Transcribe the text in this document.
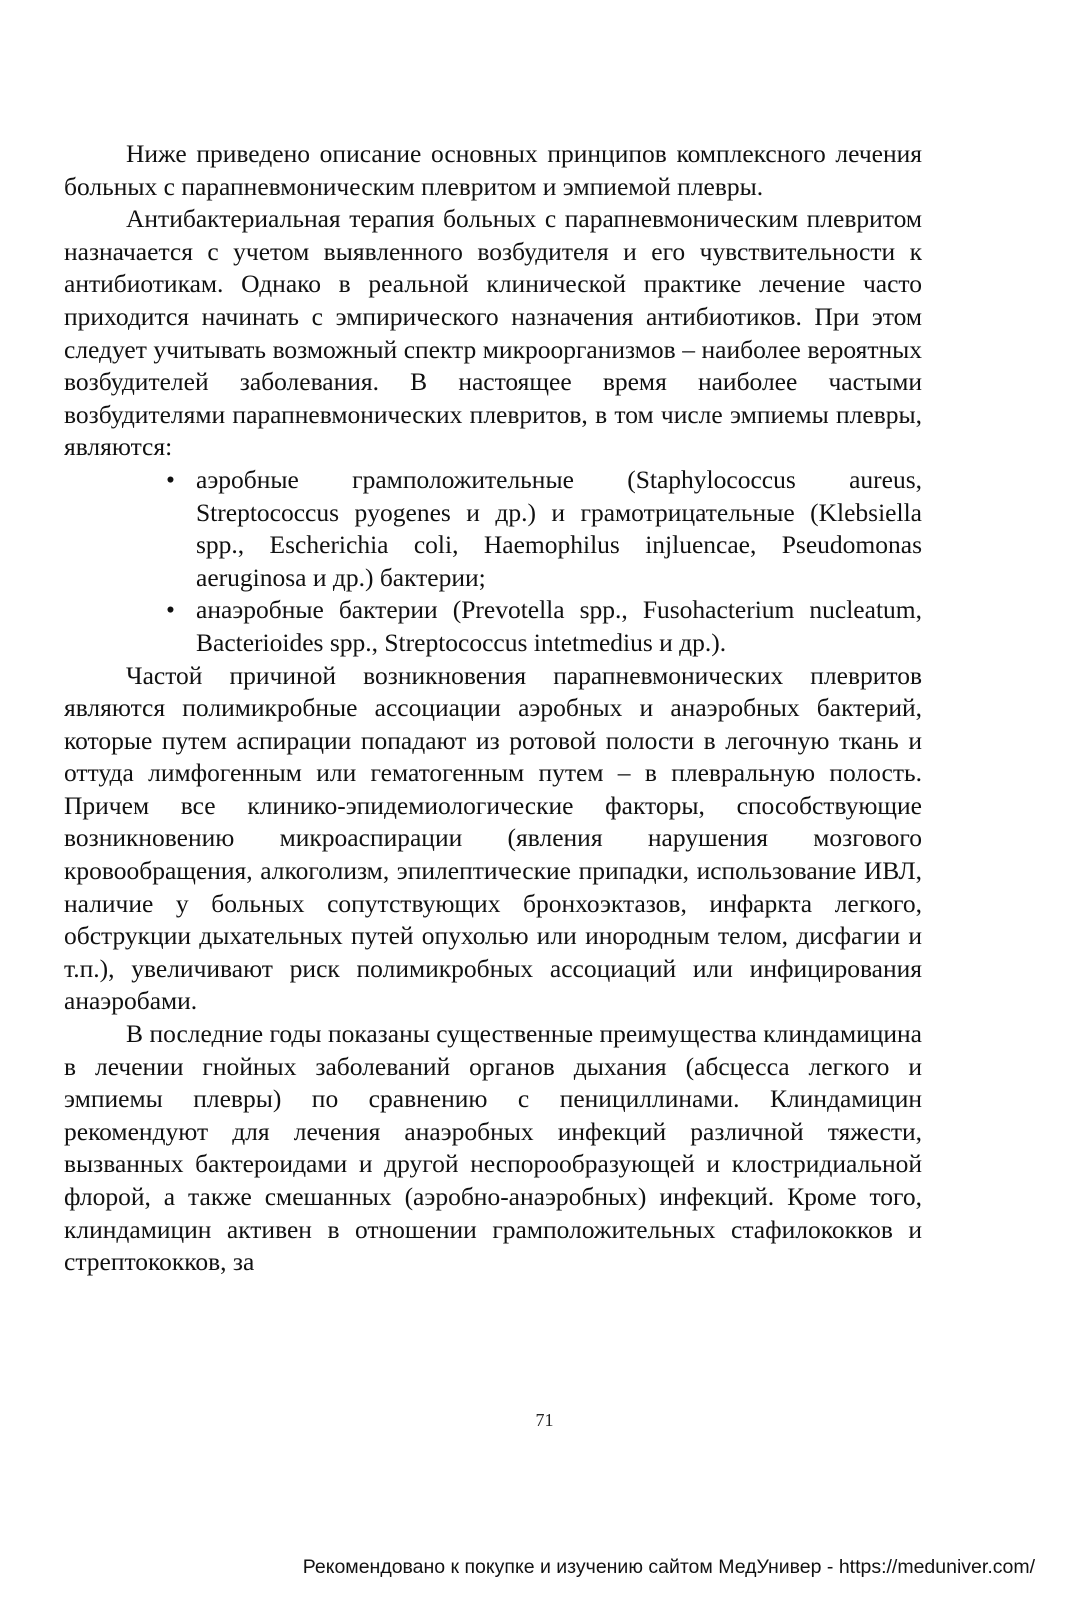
Ниже приведено описание основных принципов комплексного лечения больных с парапневмоническим плевритом и эмпиемой плевры.

Антибактериальная терапия больных с парапневмоническим плевритом назначается с учетом выявленного возбудителя и его чувствительности к антибиотикам. Однако в реальной клинической практике лечение часто приходится начинать с эмпирического назначения антибиотиков. При этом следует учитывать возможный спектр микроорганизмов – наиболее вероятных возбудителей заболевания. В настоящее время наиболее частыми возбудителями парапневмонических плевритов, в том числе эмпиемы плевры, являются:

• аэробные грамположительные (Staphylococcus aureus, Streptococcus pyogenes и др.) и грамотрицательные (Klebsiella spp., Escherichia coli, Haemophilus injluencae, Pseudomonas aeruginosa и др.) бактерии;
• анаэробные бактерии (Prevotella spp., Fusohacterium nucleatum, Bacterioides spp., Streptococcus intetmedius и др.).

Частой причиной возникновения парапневмонических плевритов являются полимикробные ассоциации аэробных и анаэробных бактерий, которые путем аспирации попадают из ротовой полости в легочную ткань и оттуда лимфогенным или гематогенным путем – в плевральную полость. Причем все клинико-эпидемиологические факторы, способствующие возникновению микроаспирации (явления нарушения мозгового кровообращения, алкоголизм, эпилептические припадки, использование ИВЛ, наличие у больных сопутствующих бронхоэктазов, инфаркта легкого, обструкции дыхательных путей опухолью или инородным телом, дисфагии и т.п.), увеличивают риск полимикробных ассоциаций или инфицирования анаэробами.

В последние годы показаны существенные преимущества клиндамицина в лечении гнойных заболеваний органов дыхания (абсцесса легкого и эмпиемы плевры) по сравнению с пенициллинами. Клиндамицин рекомендуют для лечения анаэробных инфекций различной тяжести, вызванных бактероидами и другой неспорообразующей и клостридиальной флорой, а также смешанных (аэробно-анаэробных) инфекций. Кроме того, клиндамицин активен в отношении грамположительных стафилококков и стрептококков, за

71
Рекомендовано к покупке и изучению сайтом МедУнивер - https://meduniver.com/
